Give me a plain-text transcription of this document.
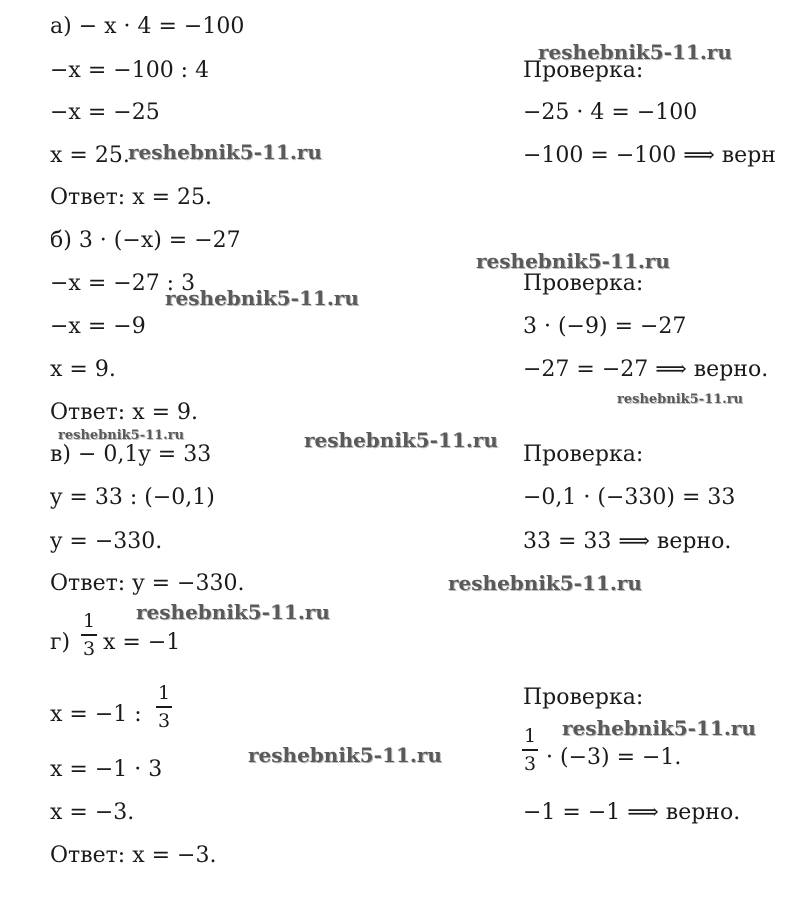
а) − x · 4 = −100
−x = −100 : 4
−x = −25
x = 25.
Ответ: x = 25.
Проверка:
−25 · 4 = −100
−100 = −100 ⟹ верн
б) 3 · (−x) = −27
−x = −27 : 3
−x = −9
x = 9.
Ответ: x = 9.
Проверка:
3 · (−9) = −27
−27 = −27 ⟹ верно.
в) − 0,1y = 33
y = 33 : (−0,1)
y = −330.
Ответ: y = −330.
Проверка:
−0,1 · (−330) = 33
33 = 33 ⟹ верно.
г)
1
3 x = −1
x = −1 :
1
3
x = −1 · 3
x = −3.
Ответ: x = −3.
Проверка:
1
3 · (−3) = −1.
−1 = −1 ⟹ верно.
reshebnik5-11.ru
reshebnik5-11.ru
reshebnik5-11.ru
reshebnik5-11.ru
reshebnik5-11.ru
reshebnik5-11.ru	reshebnik5-11.ru
reshebnik5-11.ru
reshebnik5-11.ru
reshebnik5-11.ru
reshebnik5-11.ru
